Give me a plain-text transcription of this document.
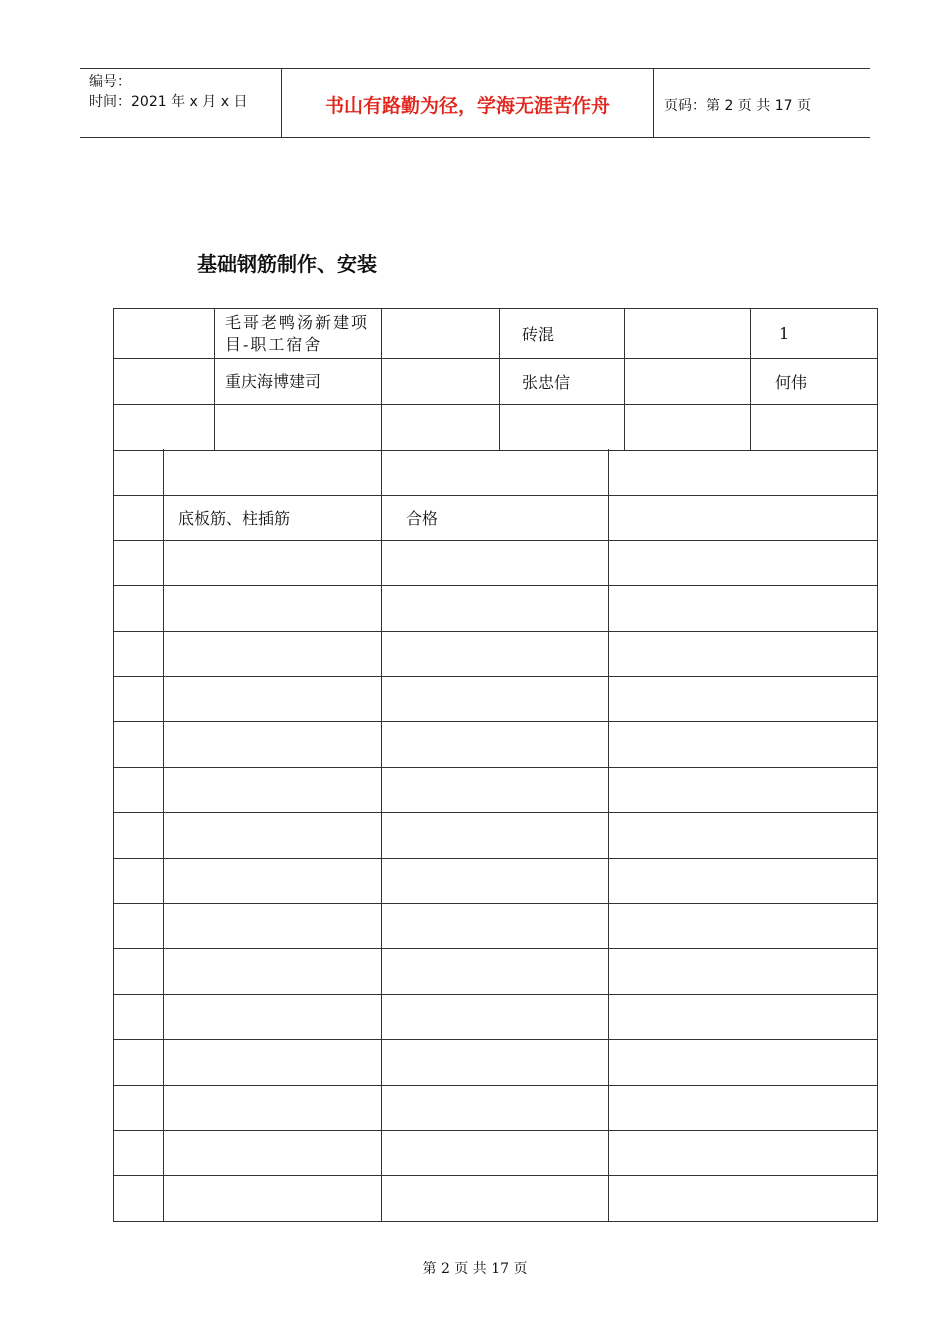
编号：
时间：2021 年 x 月 x 日	书山有路勤为径，学海无涯苦作舟	页码：第 2 页 共 17 页
基础钢筋制作、安装

	毛哥老鸭汤新建项目-职工宿舍		砖混		1

	重庆海博建司		张忠信		何伟

	底板筋、柱插筋	合格	

第 2 页 共 17 页
